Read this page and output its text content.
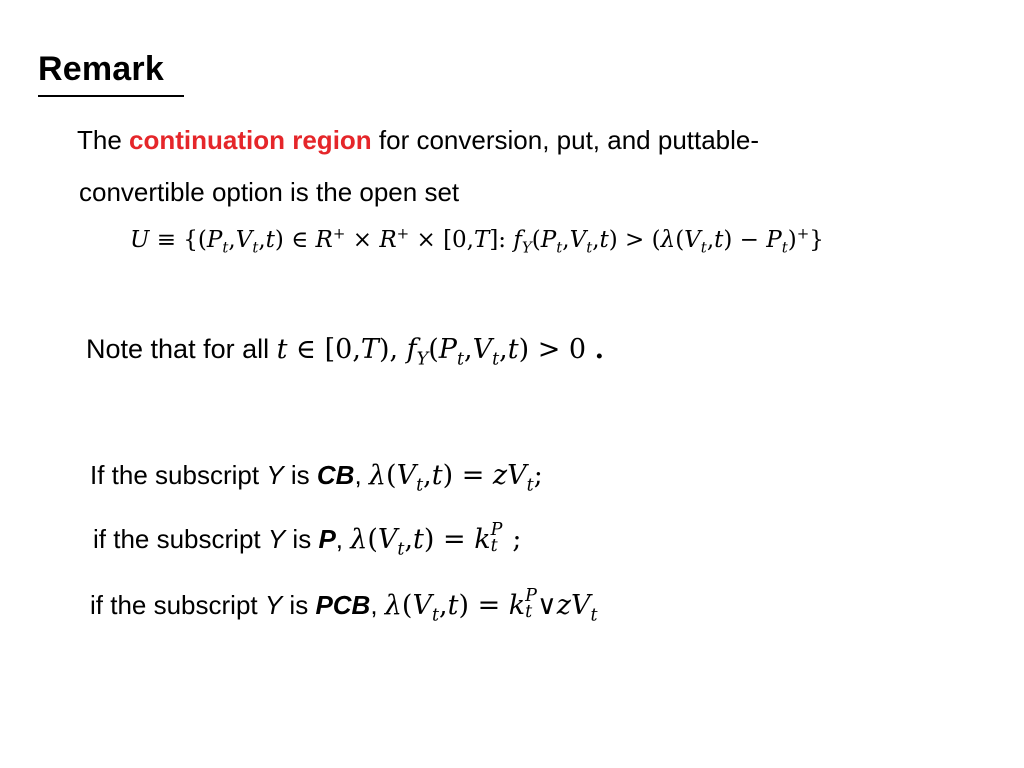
Remark
The continuation region for conversion, put, and puttable-
convertible option is the open set
$U \equiv \{(P_t,V_t,t)$ ∈ R+ × R+ × [0,T]: $f_Y(P_t,V_t,t) > (\lambda(V_t,t) - P_t)^+$}
Note that for all t ∈ [0,T), $f_Y(P_t,V_t,t) > 0$ .
If the subscript Y is CB, $\lambda(V_t,t) = zV_t$;
if the subscript Y is P, $\lambda(V_t,t) = k$ P
t ;
if the subscript Y is PCB, $\lambda(V_t,t) = k$ P
t $\vee zV_t$
